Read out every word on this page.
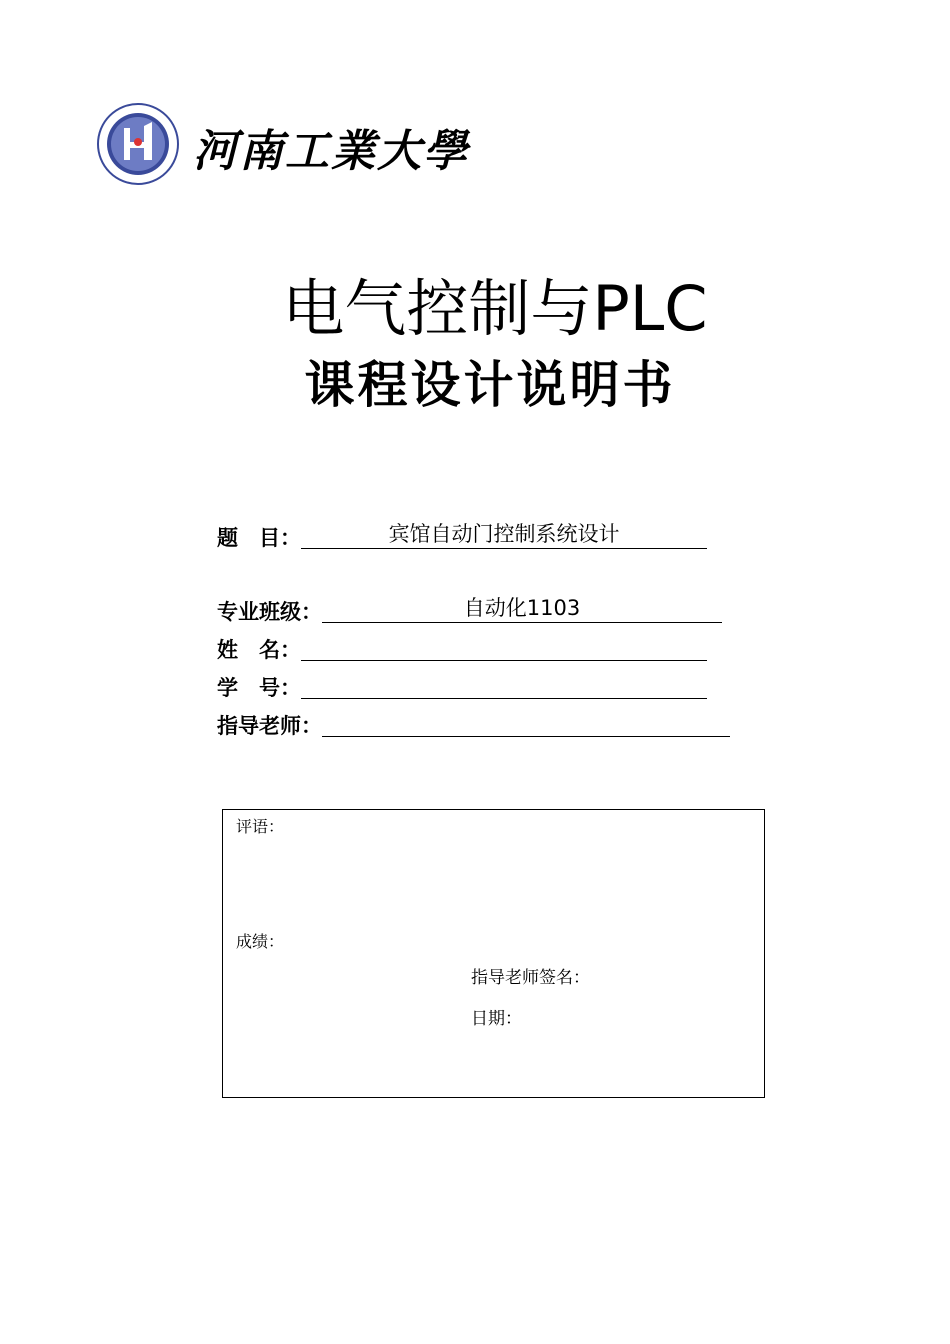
河南工業大學
电气控制与PLC
课程设计说明书
题　目：	宾馆自动门控制系统设计
专业班级：	自动化1103
姓　名：
学　号：
指导老师：
评语：
成绩：
指导老师签名：
日期：
